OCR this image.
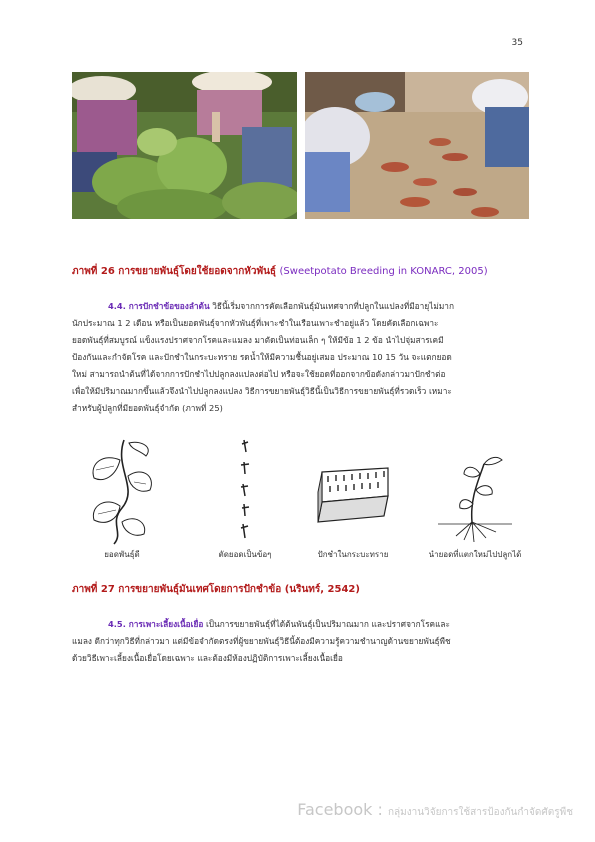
35
ภาพที่ 26 การขยายพันธุ์โดยใช้ยอดจากหัวพันธุ์ (Sweetpotato Breeding in KONARC, 2005)
4.4. การปักชำข้อของลำต้น วิธีนี้เริ่มจากการคัดเลือกพันธุ์มันเทศจากที่ปลูกในแปลงที่มีอายุไม่มาก
นักประมาณ 1 2 เดือน หรือเป็นยอดพันธุ์จากหัวพันธุ์ที่เพาะชำในเรือนเพาะชำอยู่แล้ว โดยคัดเลือกเฉพาะ
ยอดพันธุ์ที่สมบูรณ์ แข็งแรงปราศจากโรคและแมลง มาตัดเป็นท่อนเล็ก ๆ ให้มีข้อ 1 2 ข้อ นำไปจุ่มสารเคมี
ป้องกันและกำจัดโรค และปักชำในกระบะทราย รดน้ำให้มีความชื้นอยู่เสมอ ประมาณ 10 15 วัน จะแตกยอด
ใหม่ สามารถนำต้นที่ได้จากการปักชำไปปลูกลงแปลงต่อไป หรือจะใช้ยอดที่ออกจากข้อดังกล่าวมาปักชำต่อ
เพื่อให้มีปริมาณมากขึ้นแล้วจึงนำไปปลูกลงแปลง วิธีการขยายพันธุ์วิธีนี้เป็นวิธีการขยายพันธุ์ที่รวดเร็ว เหมาะ
สำหรับผู้ปลูกที่มียอดพันธุ์จำกัด (ภาพที่ 25)
ยอดพันธุ์ดี	ตัดยอดเป็นข้อๆ	ปักชำในกระบะทราย	นำยอดที่แตกใหม่ไปปลูกได้
ภาพที่ 27 การขยายพันธุ์มันเทศโดยการปักชำข้อ (นรินทร์, 2542)
4.5. การเพาะเลี้ยงเนื้อเยื่อ เป็นการขยายพันธุ์ที่ได้ต้นพันธุ์เป็นปริมาณมาก และปราศจากโรคและ
แมลง ดีกว่าทุกวิธีที่กล่าวมา แต่มีข้อจำกัดตรงที่ผู้ขยายพันธุ์วิธีนี้ต้องมีความรู้ความชำนาญด้านขยายพันธุ์พืช
ด้วยวิธีเพาะเลี้ยงเนื้อเยื่อโดยเฉพาะ และต้องมีห้องปฏิบัติการเพาะเลี้ยงเนื้อเยื่อ
Facebook : กลุ่มงานวิจัยการใช้สารป้องกันกำจัดศัตรูพืช
